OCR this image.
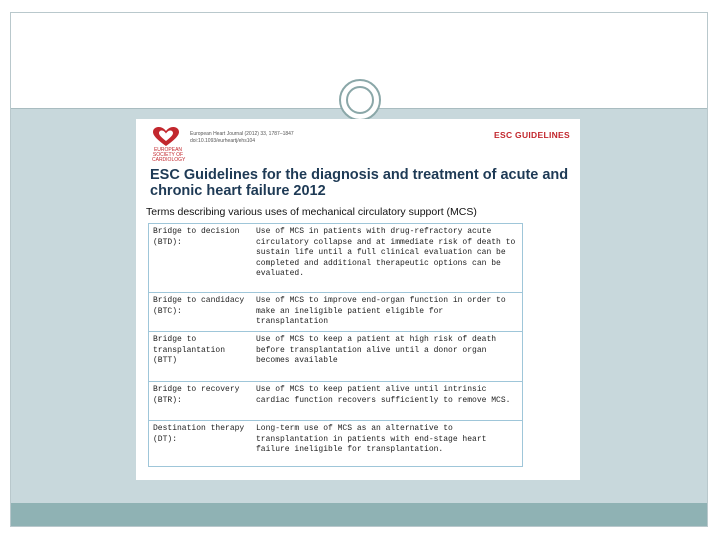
EUROPEAN SOCIETY OF CARDIOLOGY
European Heart Journal (2012) 33, 1787–1847
doi:10.1093/eurheartj/ehs104
ESC GUIDELINES
ESC Guidelines for the diagnosis and treatment of acute and chronic heart failure 2012
Terms describing various uses of mechanical circulatory support (MCS)
Bridge to decision (BTD):
Use of MCS in patients with drug-refractory acute circulatory collapse and at immediate risk of death to sustain life until a full clinical evaluation can be completed and additional therapeutic options can be evaluated.
Bridge to candidacy (BTC):
Use of MCS to improve end-organ function in order to make an ineligible patient eligible for transplantation
Bridge to transplantation (BTT)
Use of MCS to keep a patient at high risk of death before transplantation alive until a donor organ becomes available
Bridge to recovery (BTR):
Use of MCS to keep patient alive until intrinsic cardiac function recovers sufficiently to remove MCS.
Destination therapy (DT):
Long-term use of MCS as an alternative to transplantation in patients with end-stage heart failure ineligible for transplantation.
